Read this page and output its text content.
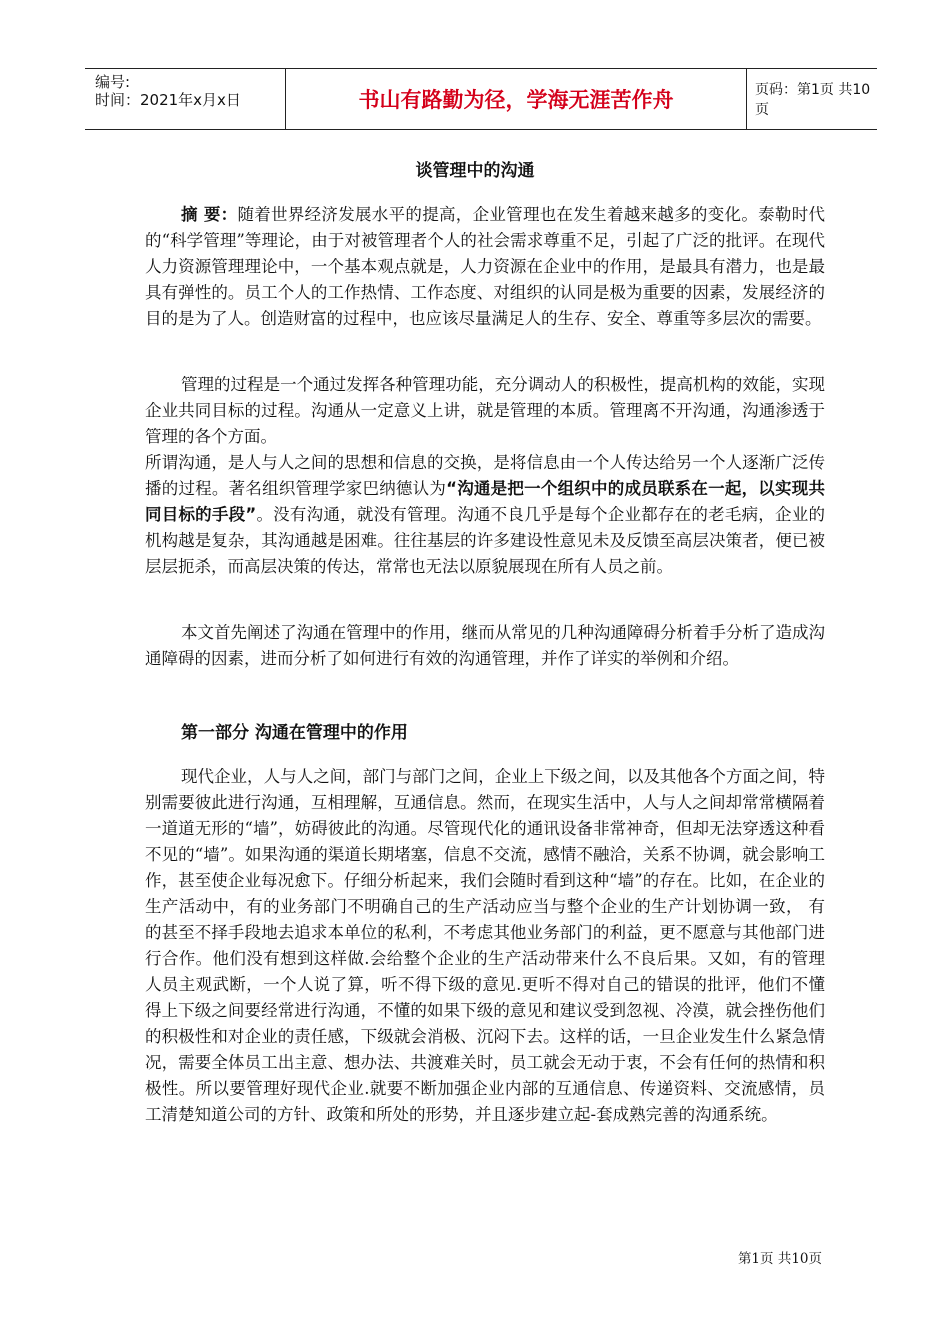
编号:
时间：2021年x月x日	书山有路勤为径，学海无涯苦作舟	页码：第1页 共10页
谈管理中的沟通

摘 要：随着世界经济发展水平的提高，企业管理也在发生着越来越多的变化。泰勒时代的“科学管理”等理论，由于对被管理者个人的社会需求尊重不足，引起了广泛的批评。在现代人力资源管理理论中，一个基本观点就是，人力资源在企业中的作用，是最具有潜力，也是最具有弹性的。员工个人的工作热情、工作态度、对组织的认同是极为重要的因素，发展经济的目的是为了人。创造财富的过程中，也应该尽量满足人的生存、安全、尊重等多层次的需要。

管理的过程是一个通过发挥各种管理功能，充分调动人的积极性，提高机构的效能，实现企业共同目标的过程。沟通从一定意义上讲，就是管理的本质。管理离不开沟通，沟通渗透于管理的各个方面。

所谓沟通，是人与人之间的思想和信息的交换，是将信息由一个人传达给另一个人逐渐广泛传播的过程。著名组织管理学家巴纳德认为“沟通是把一个组织中的成员联系在一起，以实现共同目标的手段”。没有沟通，就没有管理。沟通不良几乎是每个企业都存在的老毛病，企业的机构越是复杂，其沟通越是困难。往往基层的许多建设性意见未及反馈至高层决策者，便已被层层扼杀，而高层决策的传达，常常也无法以原貌展现在所有人员之前。

本文首先阐述了沟通在管理中的作用，继而从常见的几种沟通障碍分析着手分析了造成沟通障碍的因素，进而分析了如何进行有效的沟通管理，并作了详实的举例和介绍。

第一部分 沟通在管理中的作用

现代企业，人与人之间，部门与部门之间，企业上下级之间，以及其他各个方面之间，特别需要彼此进行沟通，互相理解，互通信息。然而，在现实生活中，人与人之间却常常横隔着一道道无形的“墙”，妨碍彼此的沟通。尽管现代化的通讯设备非常神奇，但却无法穿透这种看不见的“墙”。如果沟通的渠道长期堵塞，信息不交流，感情不融洽，关系不协调，就会影响工作，甚至使企业每况愈下。仔细分析起来，我们会随时看到这种“墙”的存在。比如，在企业的生产活动中，有的业务部门不明确自己的生产活动应当与整个企业的生产计划协调一致， 有的甚至不择手段地去追求本单位的私利，不考虑其他业务部门的利益，更不愿意与其他部门进行合作。他们没有想到这样做.会给整个企业的生产活动带来什么不良后果。又如，有的管理人员主观武断，一个人说了算，听不得下级的意见.更听不得对自己的错误的批评，他们不懂得上下级之间要经常进行沟通，不懂的如果下级的意见和建议受到忽视、冷漠，就会挫伤他们的积极性和对企业的责任感，下级就会消极、沉闷下去。这样的话，一旦企业发生什么紧急情况，需要全体员工出主意、想办法、共渡难关时，员工就会无动于衷，不会有任何的热情和积极性。所以要管理好现代企业.就要不断加强企业内部的互通信息、传递资料、交流感情，员工清楚知道公司的方针、政策和所处的形势，并且逐步建立起-套成熟完善的沟通系统。

第1页 共10页
